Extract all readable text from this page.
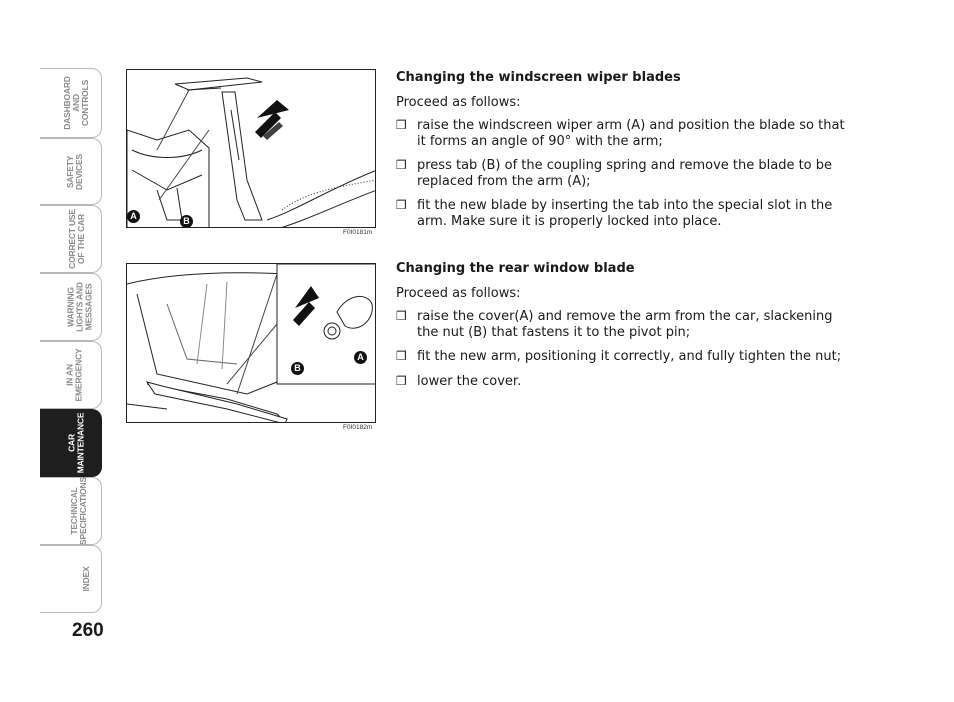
DASHBOARD
AND
CONTROLS
SAFETY
DEVICES
CORRECT USE
OF THE CAR
WARNING
LIGHTS AND
MESSAGES
IN AN
EMERGENCY
CAR
MAINTENANCE
TECHNICAL
SPECIFICATIONS
INDEX
260
A	B
F0I0181m
A
B
F0I0182m
Changing the windscreen wiper blades

Proceed as follows:

❒ raise the windscreen wiper arm (A) and position the blade so that it forms an angle of 90° with the arm;
❒ press tab (B) of the coupling spring and remove the blade to be replaced from the arm (A);
❒ fit the new blade by inserting the tab into the special slot in the arm. Make sure it is properly locked into place.
Changing the rear window blade

Proceed as follows:

❒ raise the cover(A) and remove the arm from the car, slackening the nut (B) that fastens it to the pivot pin;
❒ fit the new arm, positioning it correctly, and fully tighten the nut;
❒ lower the cover.
